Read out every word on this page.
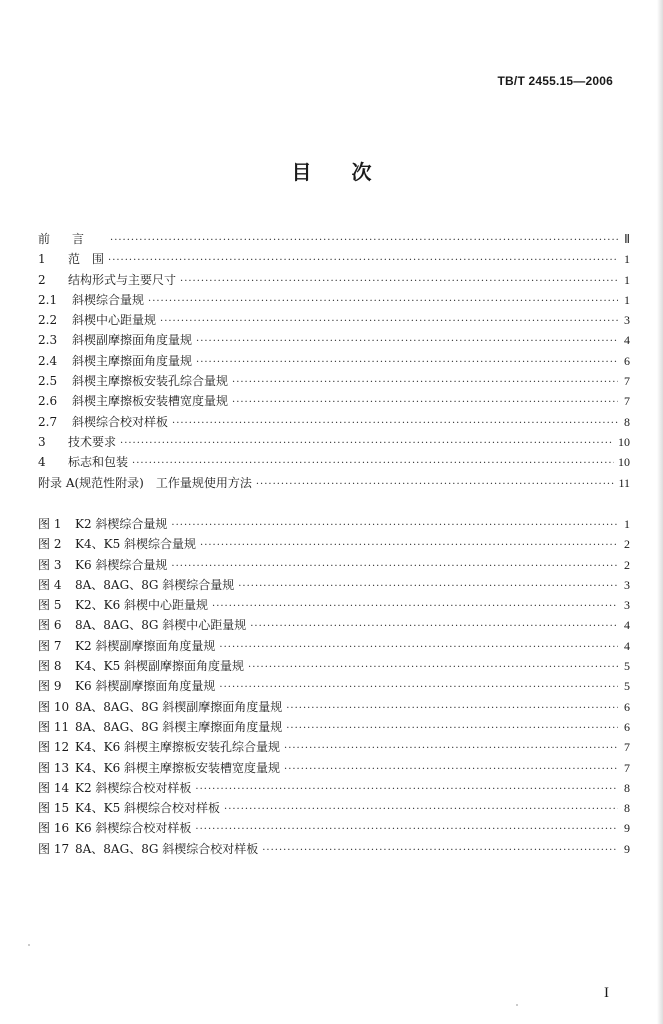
TB/T 2455.15—2006
目 次
前言 ·····	Ⅱ
1	范　围 ·····	1
2	结构形式与主要尺寸 ·····	1
2.1	斜楔综合量规 ·····	1
2.2	斜楔中心距量规 ·····	3
2.3	斜楔副摩擦面角度量规 ·····	4
2.4	斜楔主摩擦面角度量规 ·····	6
2.5	斜楔主摩擦板安装孔综合量规 ·····	7
2.6	斜楔主摩擦板安装槽宽度量规 ·····	7
2.7	斜楔综合校对样板 ·····	8
3	技术要求 ·····	10
4	标志和包装 ·····	10
附录 A(规范性附录)　工作量规使用方法 ·····	11
图 1	K2 斜楔综合量规 ·····	1
图 2	K4、K5 斜楔综合量规 ·····	2
图 3	K6 斜楔综合量规 ·····	2
图 4	8A、8AG、8G 斜楔综合量规 ·····	3
图 5	K2、K6 斜楔中心距量规 ·····	3
图 6	8A、8AG、8G 斜楔中心距量规 ·····	4
图 7	K2 斜楔副摩擦面角度量规 ·····	4
图 8	K4、K5 斜楔副摩擦面角度量规 ·····	5
图 9	K6 斜楔副摩擦面角度量规 ·····	5
图 10 8A、8AG、8G 斜楔副摩擦面角度量规 ·····	6
图 11 8A、8AG、8G 斜楔主摩擦面角度量规 ·····	6
图 12 K4、K6 斜楔主摩擦板安装孔综合量规 ·····	7
图 13 K4、K6 斜楔主摩擦板安装槽宽度量规 ·····	7
图 14 K2 斜楔综合校对样板 ·····	8
图 15 K4、K5 斜楔综合校对样板 ·····	8
图 16 K6 斜楔综合校对样板 ·····	9
图 17 8A、8AG、8G 斜楔综合校对样板 ·····	9
I
